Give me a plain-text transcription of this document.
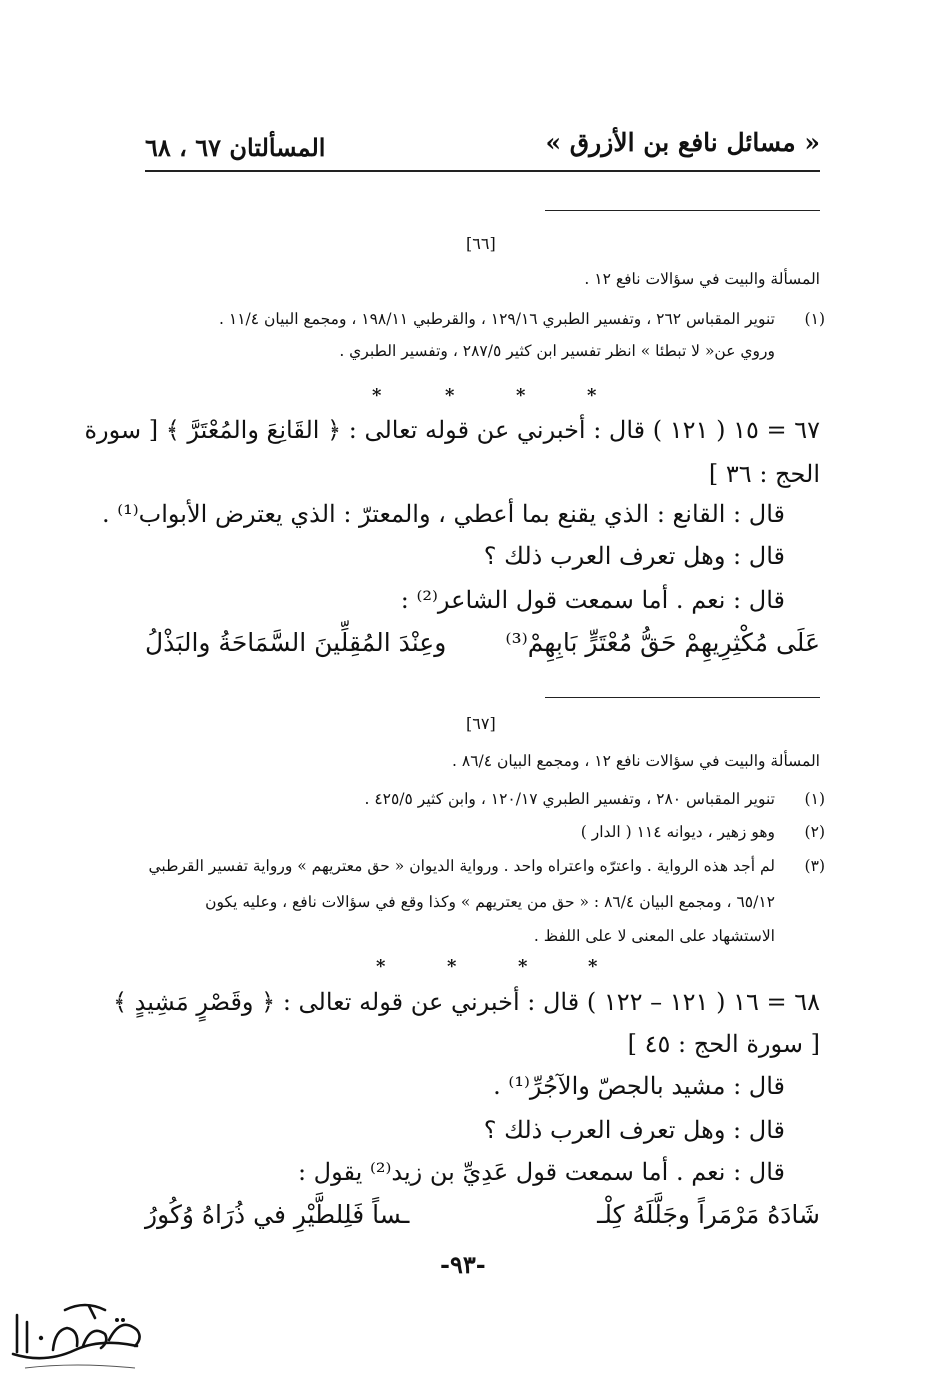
« مسائل نافع بن الأزرق »
المسألتان ٦٧ ، ٦٨
[٦٦]
المسألة والبيت في سؤالات نافع ١٢ .
(١)
تنوير المقباس ٢٦٢ ، وتفسير الطبري ١٢٩/١٦ ، والقرطبي ١٩٨/١١ ، ومجمع البيان ١١/٤ .
وروي عن« لا تبطئا » انظر تفسير ابن كثير ٢٨٧/٥ ، وتفسير الطبري .
*	*	*	*
٦٧ = ١٥ ( ١٢١ ) قال : أخبرني عن قوله تعالى : ﴿ القَانِعَ والمُعْتَرَّ ﴾ [ سورة
الحج : ٣٦ ]
قال : القانع : الذي يقنع بما أعطي ، والمعترّ : الذي يعترض الأبواب⁽¹⁾ .
قال : وهل تعرف العرب ذلك ؟
قال : نعم . أما سمعت قول الشاعر⁽²⁾ :
عَلَى مُكْثِرِيهِمْ حَقُّ مُعْتَرٍّ بَابِهِمْ⁽³⁾
وعِنْدَ المُقِلِّينَ السَّمَاحَةُ والبَذْلُ
[٦٧]
المسألة والبيت في سؤالات نافع ١٢ ، ومجمع البيان ٨٦/٤ .
(١)
تنوير المقباس ٢٨٠ ، وتفسير الطبري ١٢٠/١٧ ، وابن كثير ٤٢٥/٥ .
(٢)
وهو زهير ، ديوانه ١١٤ ( الدار )
(٣)
لم أجد هذه الرواية . واعترّه واعتراه واحد . ورواية الديوان « حق معتريهم » ورواية تفسير القرطبي
٦٥/١٢ ، ومجمع البيان ٨٦/٤ : « حق من يعتريهم » وكذا وقع في سؤالات نافع ، وعليه يكون
الاستشهاد على المعنى لا على اللفظ .
*	*	*	*
٦٨ = ١٦ ( ١٢١ – ١٢٢ ) قال : أخبرني عن قوله تعالى : ﴿ وقَصْرٍ مَشِيدٍ ﴾
[ سورة الحج : ٤٥ ]
قال : مشيد بالجصّ والآجُرِّ⁽¹⁾ .
قال : وهل تعرف العرب ذلك ؟
قال : نعم . أما سمعت قول عَدِيِّ بن زيد⁽²⁾ يقول :
شَادَهُ مَرْمَراً وجَلَّلَهُ كِلْـ
ـساً فَلِلطَّيْرِ في ذُرَاهُ وُكُورُ
-٩٣-
